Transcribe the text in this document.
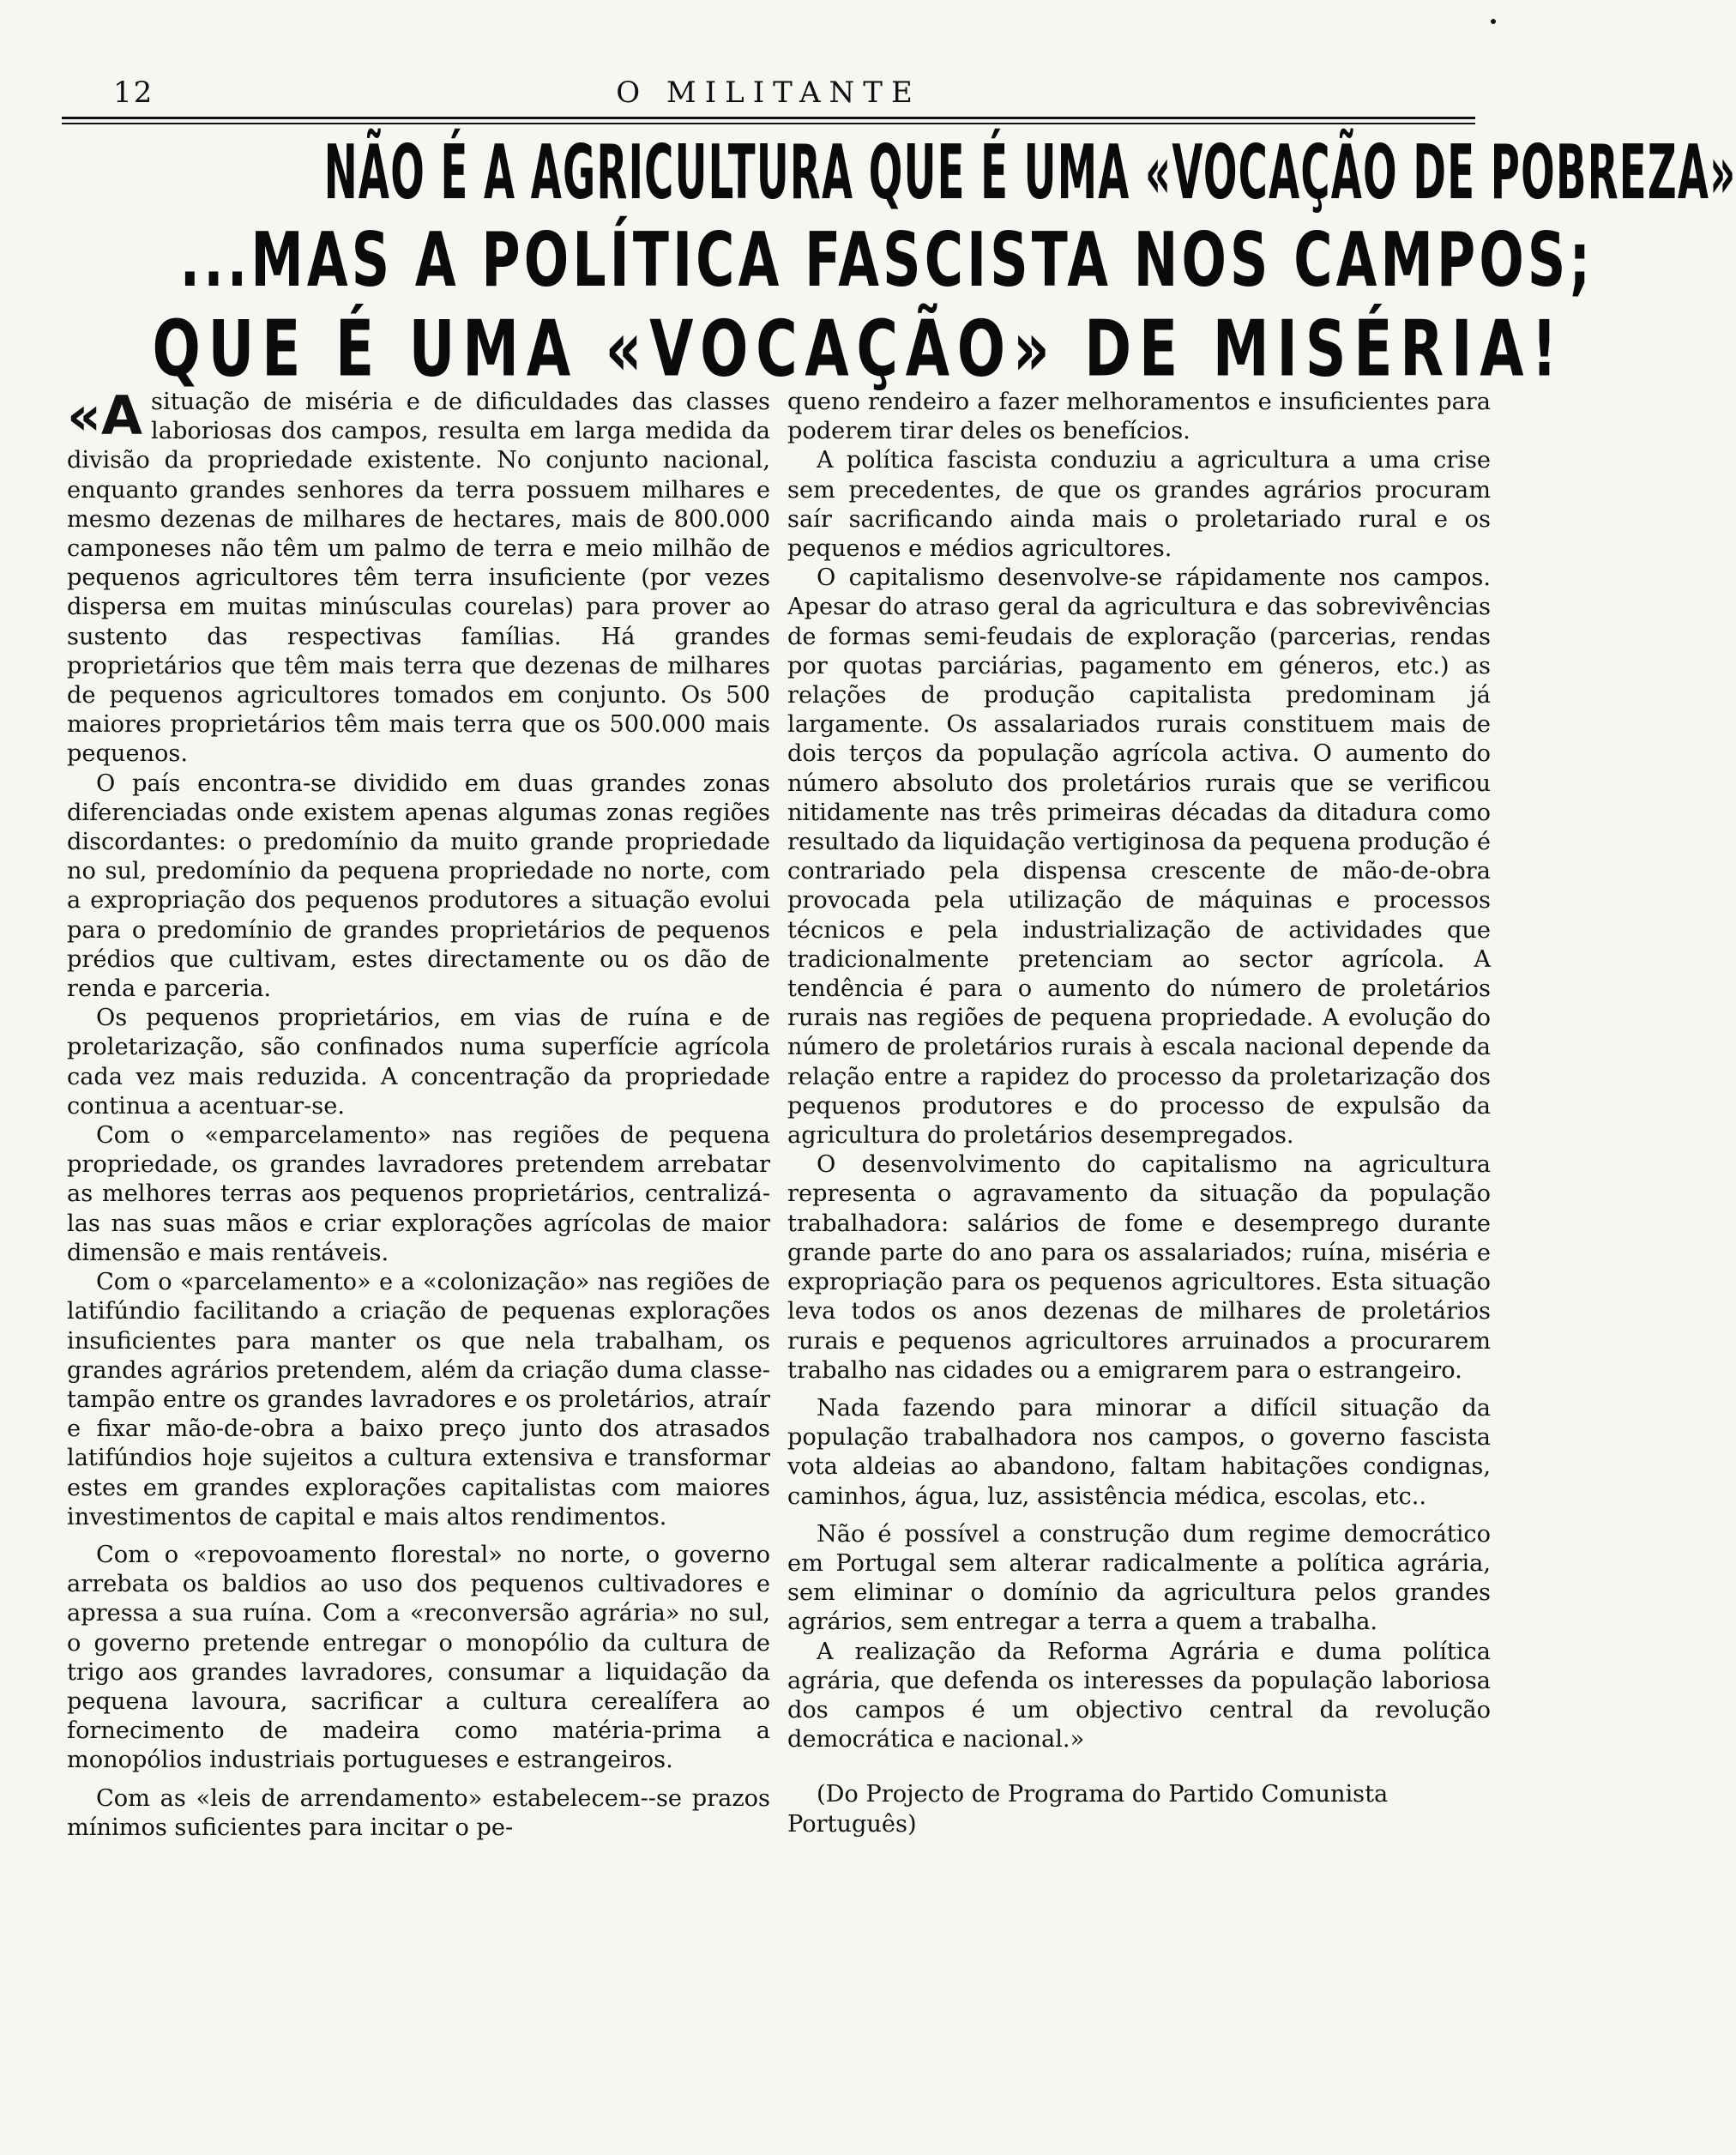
12	O MILITANTE
NÃO É A AGRICULTURA QUE É UMA «VOCAÇÃO DE POBREZA»
...MAS A POLÍTICA FASCISTA NOS CAMPOS;
QUE É UMA «VOCAÇÃO» DE MISÉRIA!

«Asituação de miséria e de dificuldades das classes laboriosas dos campos, resulta em larga medida da divisão da propriedade existente. No conjunto nacional, enquanto grandes senhores da terra possuem milhares e mesmo dezenas de milhares de hectares, mais de 800.000 camponeses não têm um palmo de terra e meio milhão de pequenos agricultores têm terra insuficiente (por vezes dispersa em muitas minúsculas courelas) para prover ao sustento das respectivas famílias. Há grandes proprietários que têm mais terra que dezenas de milhares de pequenos agricultores tomados em conjunto. Os 500 maiores proprietários têm mais terra que os 500.000 mais pequenos.

O país encontra-se dividido em duas grandes zonas diferenciadas onde existem apenas algumas zonas regiões discordantes: o predomínio da muito grande propriedade no sul, predomínio da pequena propriedade no norte, com a expropriação dos pequenos produtores a situação evolui para o predomínio de grandes proprietários de pequenos prédios que cultivam, estes directamente ou os dão de renda e parceria.

Os pequenos proprietários, em vias de ruína e de proletarização, são confinados numa superfície agrícola cada vez mais reduzida. A concentração da propriedade continua a acentuar-se.

Com o «emparcelamento» nas regiões de pequena propriedade, os grandes lavradores pretendem arrebatar as melhores terras aos pequenos proprietários, centralizá-las nas suas mãos e criar explorações agrícolas de maior dimensão e mais rentáveis.

Com o «parcelamento» e a «colonização» nas regiões de latifúndio facilitando a criação de pequenas explorações insuficientes para manter os que nela trabalham, os grandes agrários pretendem, além da criação duma classe-tampão entre os grandes lavradores e os proletários, atraír e fixar mão-de-obra a baixo preço junto dos atrasados latifúndios hoje sujeitos a cultura extensiva e transformar estes em grandes explorações capitalistas com maiores investimentos de capital e mais altos rendimentos.

Com o «repovoamento florestal» no norte, o governo arrebata os baldios ao uso dos pequenos cultivadores e apressa a sua ruína. Com a «reconversão agrária» no sul, o governo pretende entregar o monopólio da cultura de trigo aos grandes lavradores, consumar a liquidação da pequena lavoura, sacrificar a cultura cerealífera ao fornecimento de madeira como matéria-prima a monopólios industriais portugueses e estrangeiros.

Com as «leis de arrendamento» estabelecem--se prazos mínimos suficientes para incitar o pe-

queno rendeiro a fazer melhoramentos e insuficientes para poderem tirar deles os benefícios.

A política fascista conduziu a agricultura a uma crise sem precedentes, de que os grandes agrários procuram saír sacrificando ainda mais o proletariado rural e os pequenos e médios agricultores.

O capitalismo desenvolve-se rápidamente nos campos. Apesar do atraso geral da agricultura e das sobrevivências de formas semi-feudais de exploração (parcerias, rendas por quotas parciárias, pagamento em géneros, etc.) as relações de produção capitalista predominam já largamente. Os assalariados rurais constituem mais de dois terços da população agrícola activa. O aumento do número absoluto dos proletários rurais que se verificou nitidamente nas três primeiras décadas da ditadura como resultado da liquidação vertiginosa da pequena produção é contrariado pela dispensa crescente de mão-de-obra provocada pela utilização de máquinas e processos técnicos e pela industrialização de actividades que tradicionalmente pretenciam ao sector agrícola. A tendência é para o aumento do número de proletários rurais nas regiões de pequena propriedade. A evolução do número de proletários rurais à escala nacional depende da relação entre a rapidez do processo da proletarização dos pequenos produtores e do processo de expulsão da agricultura do proletários desempregados.

O desenvolvimento do capitalismo na agricultura representa o agravamento da situação da população trabalhadora: salários de fome e desemprego durante grande parte do ano para os assalariados; ruína, miséria e expropriação para os pequenos agricultores. Esta situação leva todos os anos dezenas de milhares de proletários rurais e pequenos agricultores arruinados a procurarem trabalho nas cidades ou a emigrarem para o estrangeiro.

Nada fazendo para minorar a difícil situação da população trabalhadora nos campos, o governo fascista vota aldeias ao abandono, faltam habitações condignas, caminhos, água, luz, assistência médica, escolas, etc..

Não é possível a construção dum regime democrático em Portugal sem alterar radicalmente a política agrária, sem eliminar o domínio da agricultura pelos grandes agrários, sem entregar a terra a quem a trabalha.

A realização da Reforma Agrária e duma política agrária, que defenda os interesses da população laboriosa dos campos é um objectivo central da revolução democrática e nacional.»

(Do Projecto de Programa do Partido Comunista Português)
